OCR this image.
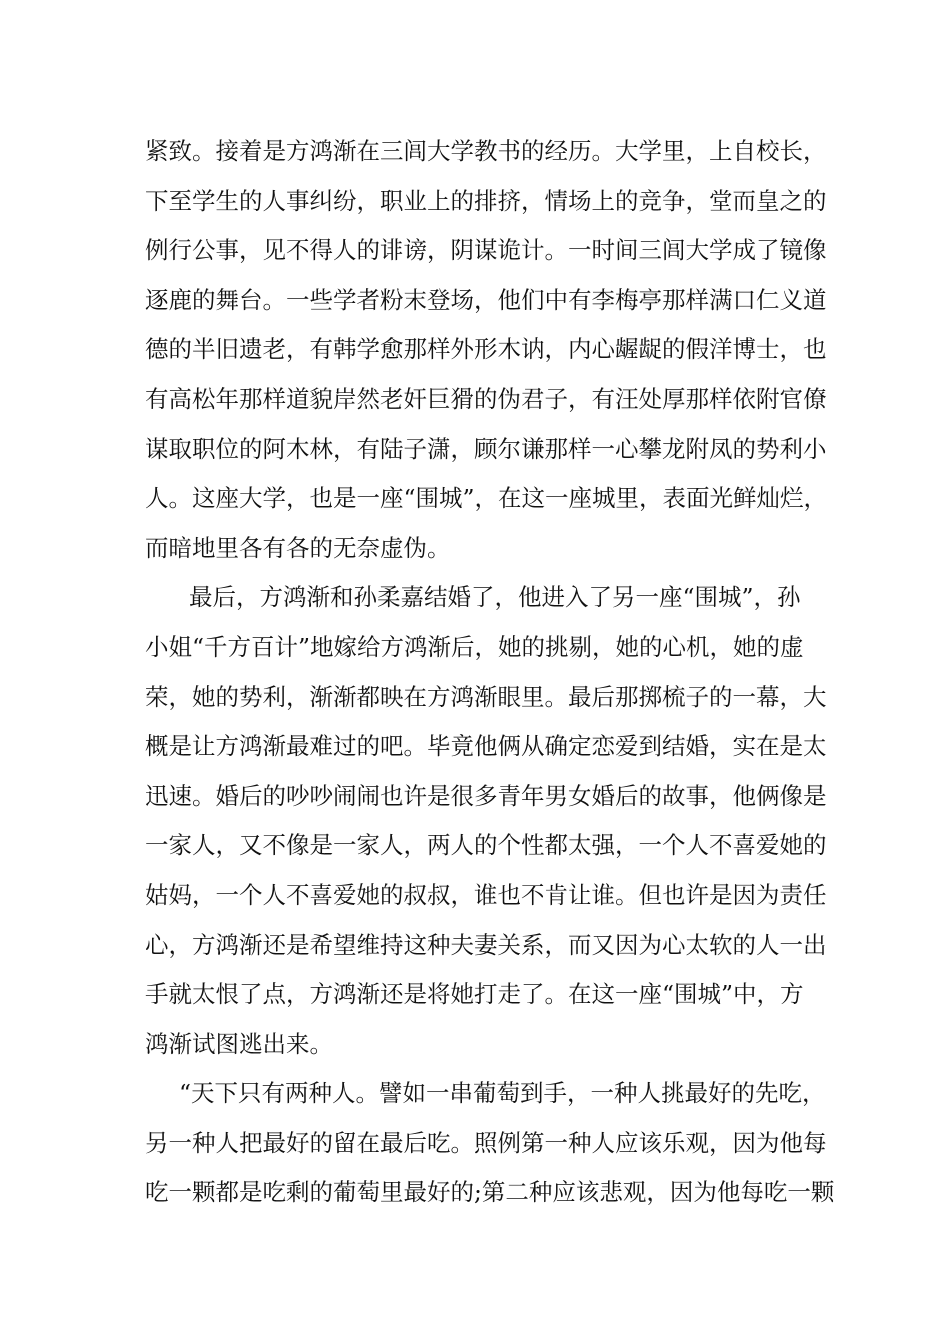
紧致。接着是方鸿渐在三闾大学教书的经历。大学里，上自校长，
下至学生的人事纠纷，职业上的排挤，情场上的竞争，堂而皇之的
例行公事，见不得人的诽谤，阴谋诡计。一时间三闾大学成了镜像
逐鹿的舞台。一些学者粉末登场，他们中有李梅亭那样满口仁义道
德的半旧遗老，有韩学愈那样外形木讷，内心龌龊的假洋博士，也
有高松年那样道貌岸然老奸巨猾的伪君子，有汪处厚那样依附官僚
谋取职位的阿木林，有陆子潇，顾尔谦那样一心攀龙附凤的势利小
人。这座大学，也是一座“围城”，在这一座城里，表面光鲜灿烂，
而暗地里各有各的无奈虚伪。
最后，方鸿渐和孙柔嘉结婚了，他进入了另一座“围城”，孙
小姐“千方百计”地嫁给方鸿渐后，她的挑剔，她的心机，她的虚
荣，她的势利，渐渐都映在方鸿渐眼里。最后那掷梳子的一幕，大
概是让方鸿渐最难过的吧。毕竟他俩从确定恋爱到结婚，实在是太
迅速。婚后的吵吵闹闹也许是很多青年男女婚后的故事，他俩像是
一家人，又不像是一家人，两人的个性都太强，一个人不喜爱她的
姑妈，一个人不喜爱她的叔叔，谁也不肯让谁。但也许是因为责任
心，方鸿渐还是希望维持这种夫妻关系，而又因为心太软的人一出
手就太恨了点，方鸿渐还是将她打走了。在这一座“围城”中，方
鸿渐试图逃出来。
“天下只有两种人。譬如一串葡萄到手，一种人挑最好的先吃，
另一种人把最好的留在最后吃。照例第一种人应该乐观，因为他每
吃一颗都是吃剩的葡萄里最好的;第二种应该悲观，因为他每吃一颗
